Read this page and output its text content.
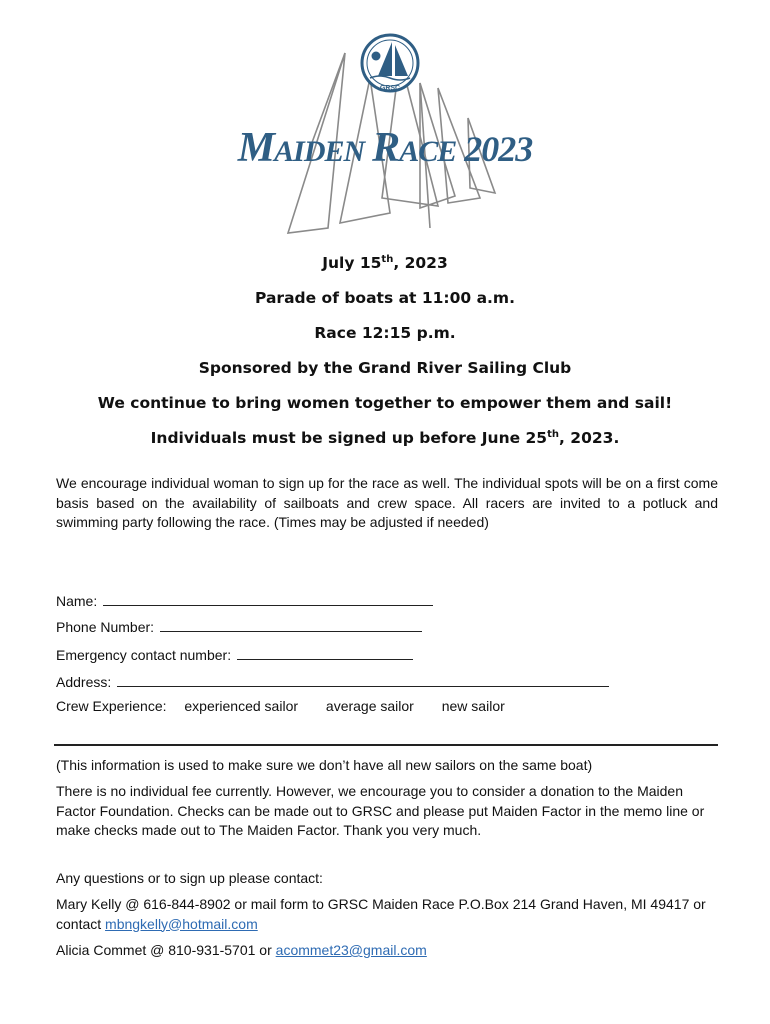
GRSC
MAIDEN RACE 2023
July 15th, 2023
Parade of boats at 11:00 a.m.
Race 12:15 p.m.
Sponsored by the Grand River Sailing Club
We continue to bring women together to empower them and sail!
Individuals must be signed up before June 25th, 2023.
We encourage individual woman to sign up for the race as well. The individual spots will be on a first come basis based on the availability of sailboats and crew space. All racers are invited to a potluck and swimming party following the race. (Times may be adjusted if needed)
Name:
Phone Number:
Emergency contact number:
Address:
Crew Experience: experienced sailor average sailor new sailor
(This information is used to make sure we don’t have all new sailors on the same boat)
There is no individual fee currently. However, we encourage you to consider a donation to the Maiden Factor Foundation. Checks can be made out to GRSC and please put Maiden Factor in the memo line or make checks made out to The Maiden Factor. Thank you very much.
Any questions or to sign up please contact:
Mary Kelly @ 616-844-8902 or mail form to GRSC Maiden Race P.O.Box 214 Grand Haven, MI 49417 or contact mbngkelly@hotmail.com
Alicia Commet @ 810-931-5701 or acommet23@gmail.com
